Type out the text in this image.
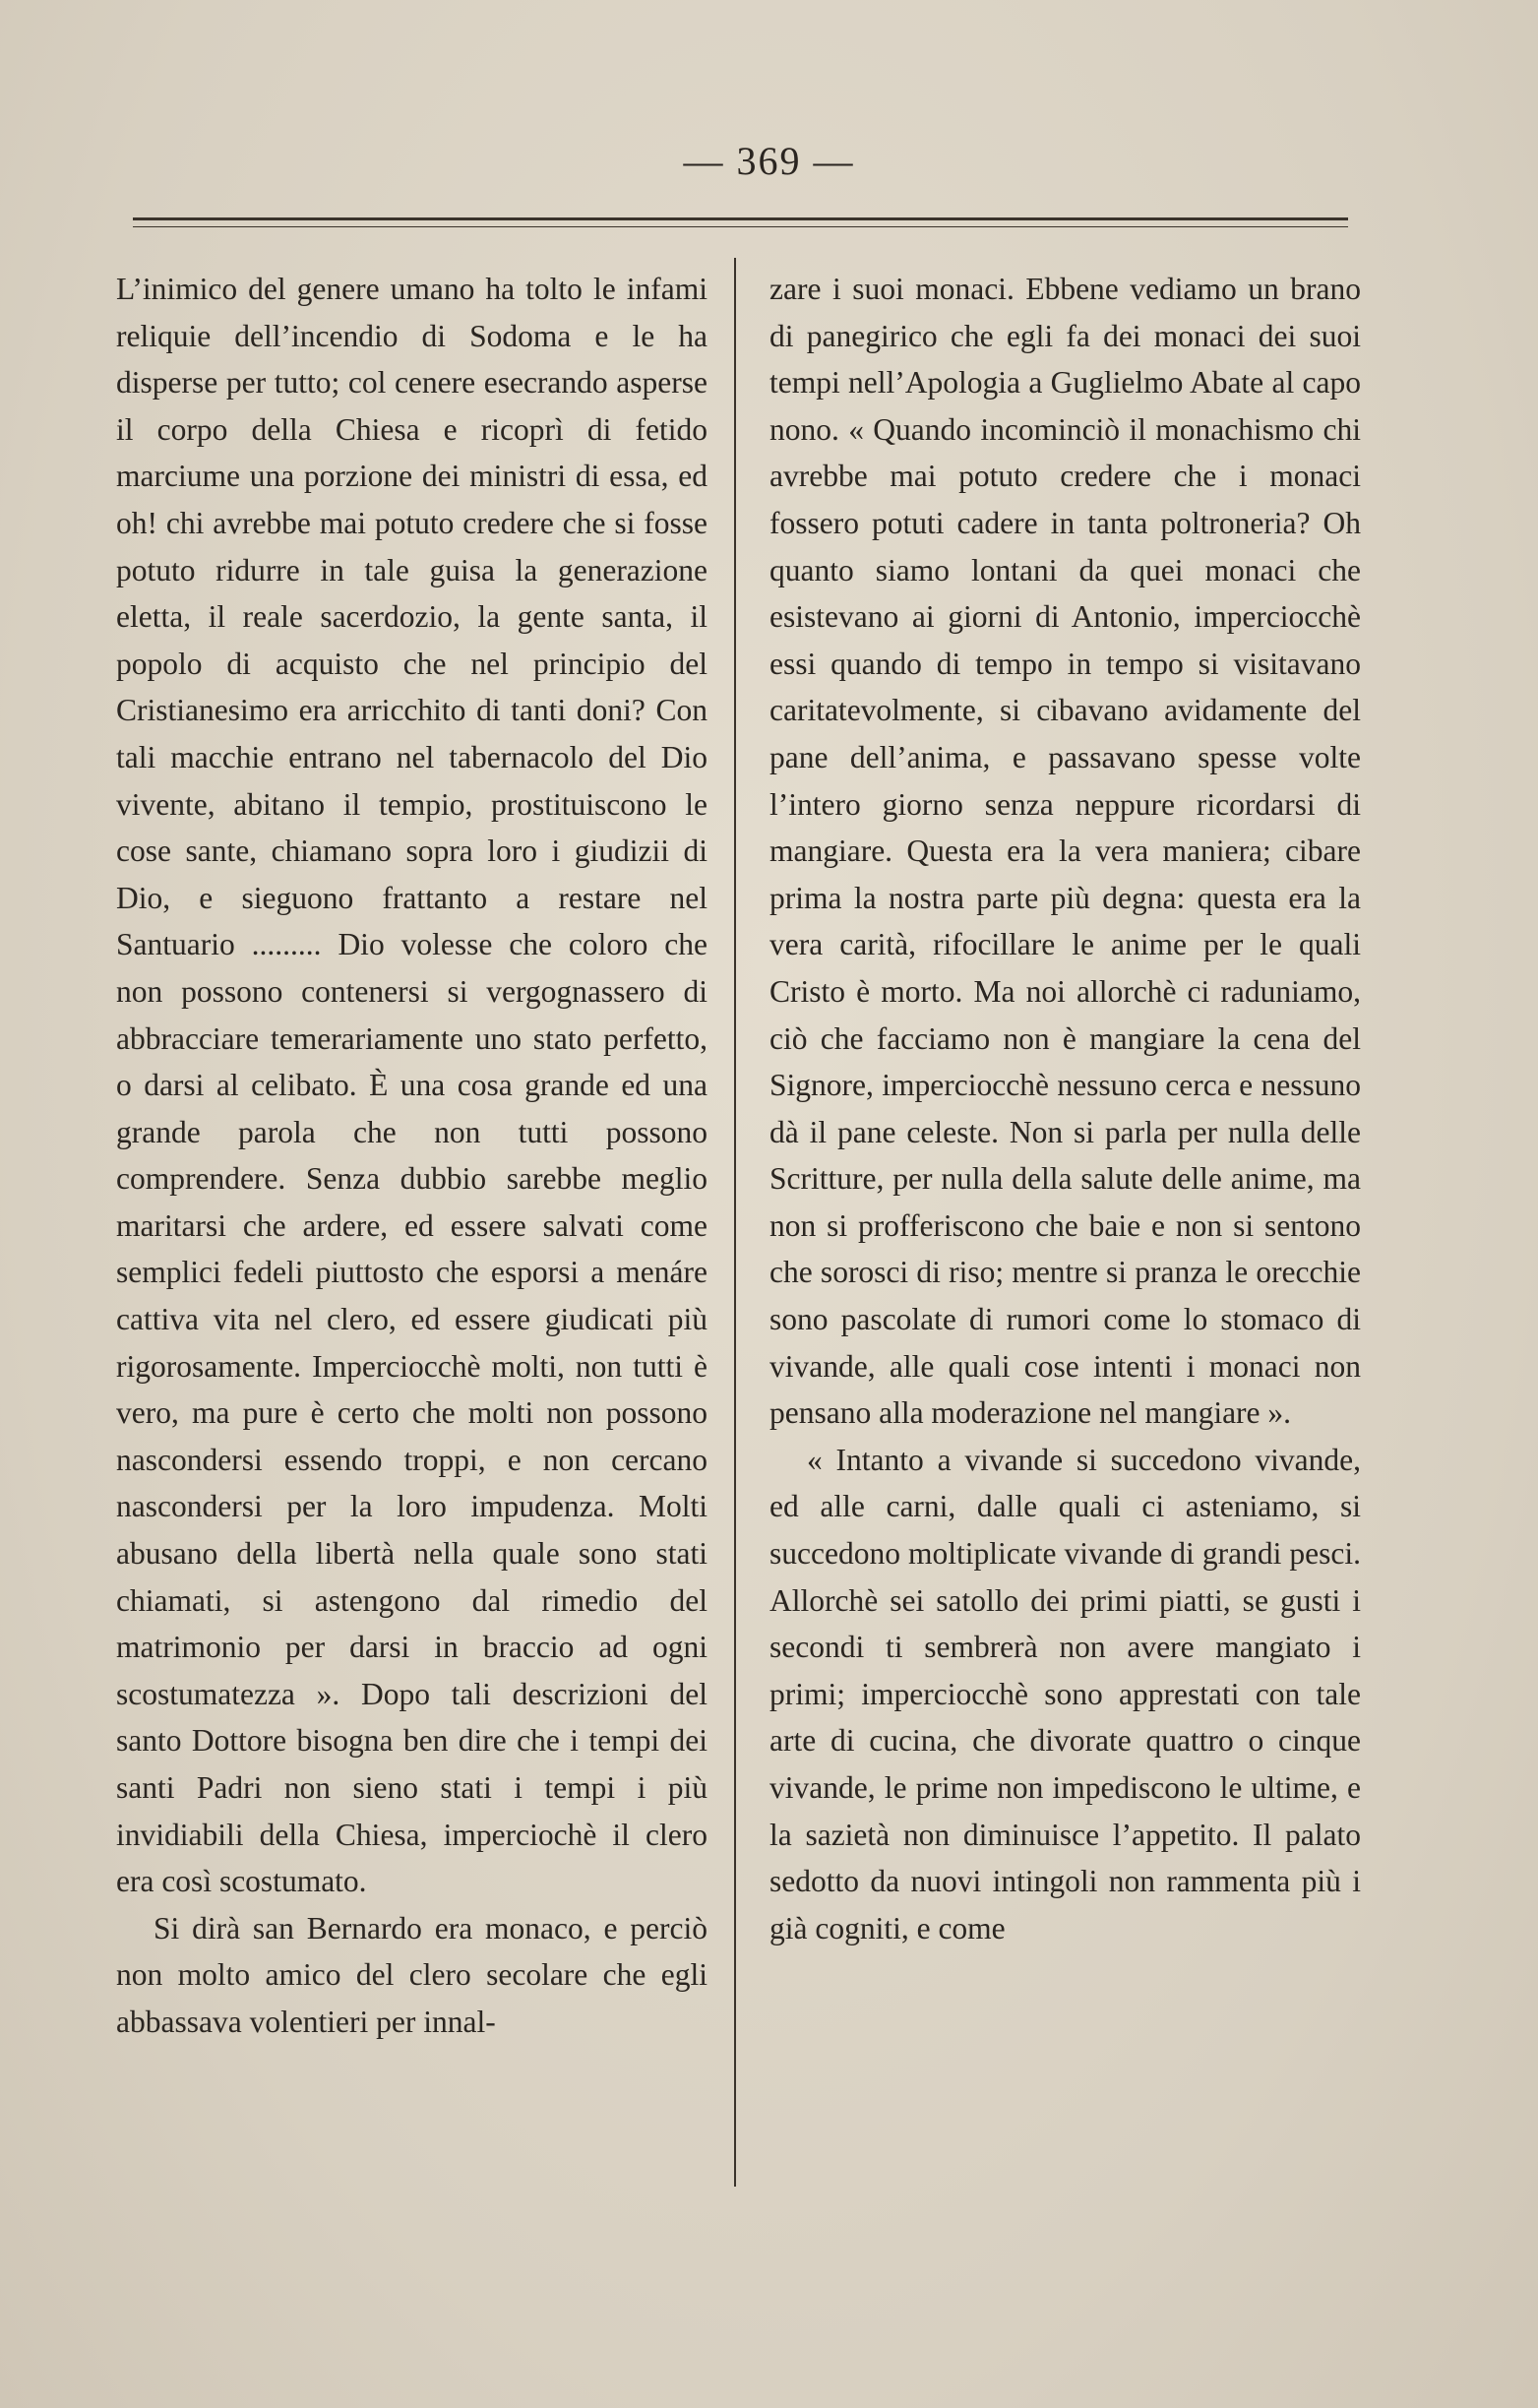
— 369 —

L’inimico del genere umano ha tolto le infami reliquie dell’incendio di Sodoma e le ha disperse per tutto; col cenere esecrando asperse il corpo della Chiesa e ricoprì di fetido marciume una porzione dei ministri di essa, ed oh! chi avrebbe mai potuto credere che si fosse potuto ridurre in tale guisa la generazione eletta, il reale sacerdozio, la gente santa, il popolo di acquisto che nel principio del Cristianesimo era arricchito di tanti doni? Con tali macchie entrano nel tabernacolo del Dio vivente, abitano il tempio, prostituiscono le cose sante, chiamano sopra loro i giudizii di Dio, e sieguono frattanto a restare nel Santuario ......... Dio volesse che coloro che non possono contenersi si vergognassero di abbracciare temerariamente uno stato perfetto, o darsi al celibato. È una cosa grande ed una grande parola che non tutti possono comprendere. Senza dubbio sarebbe meglio maritarsi che ardere, ed essere salvati come semplici fedeli piuttosto che esporsi a menáre cattiva vita nel clero, ed essere giudicati più rigorosamente. Imperciocchè molti, non tutti è vero, ma pure è certo che molti non possono nascondersi essendo troppi, e non cercano nascondersi per la loro impudenza. Molti abusano della libertà nella quale sono stati chiamati, si astengono dal rimedio del matrimonio per darsi in braccio ad ogni scostumatezza ». Dopo tali descrizioni del santo Dottore bisogna ben dire che i tempi dei santi Padri non sieno stati i tempi i più invidiabili della Chiesa, imperciochè il clero era così scostumato.

Si dirà san Bernardo era monaco, e perciò non molto amico del clero secolare che egli abbassava volentieri per innal-

zare i suoi monaci. Ebbene vediamo un brano di panegirico che egli fa dei monaci dei suoi tempi nell’Apologia a Guglielmo Abate al capo nono. « Quando incominciò il monachismo chi avrebbe mai potuto credere che i monaci fossero potuti cadere in tanta poltroneria? Oh quanto siamo lontani da quei monaci che esistevano ai giorni di Antonio, imperciocchè essi quando di tempo in tempo si visitavano caritatevolmente, si cibavano avidamente del pane dell’anima, e passavano spesse volte l’intero giorno senza neppure ricordarsi di mangiare. Questa era la vera maniera; cibare prima la nostra parte più degna: questa era la vera carità, rifocillare le anime per le quali Cristo è morto. Ma noi allorchè ci raduniamo, ciò che facciamo non è mangiare la cena del Signore, imperciocchè nessuno cerca e nessuno dà il pane celeste. Non si parla per nulla delle Scritture, per nulla della salute delle anime, ma non si profferiscono che baie e non si sentono che sorosci di riso; mentre si pranza le orecchie sono pascolate di rumori come lo stomaco di vivande, alle quali cose intenti i monaci non pensano alla moderazione nel mangiare ».

« Intanto a vivande si succedono vivande, ed alle carni, dalle quali ci asteniamo, si succedono moltiplicate vivande di grandi pesci. Allorchè sei satollo dei primi piatti, se gusti i secondi ti sembrerà non avere mangiato i primi; imperciocchè sono apprestati con tale arte di cucina, che divorate quattro o cinque vivande, le prime non impediscono le ultime, e la sazietà non diminuisce l’appetito. Il palato sedotto da nuovi intingoli non rammenta più i già cogniti, e come
